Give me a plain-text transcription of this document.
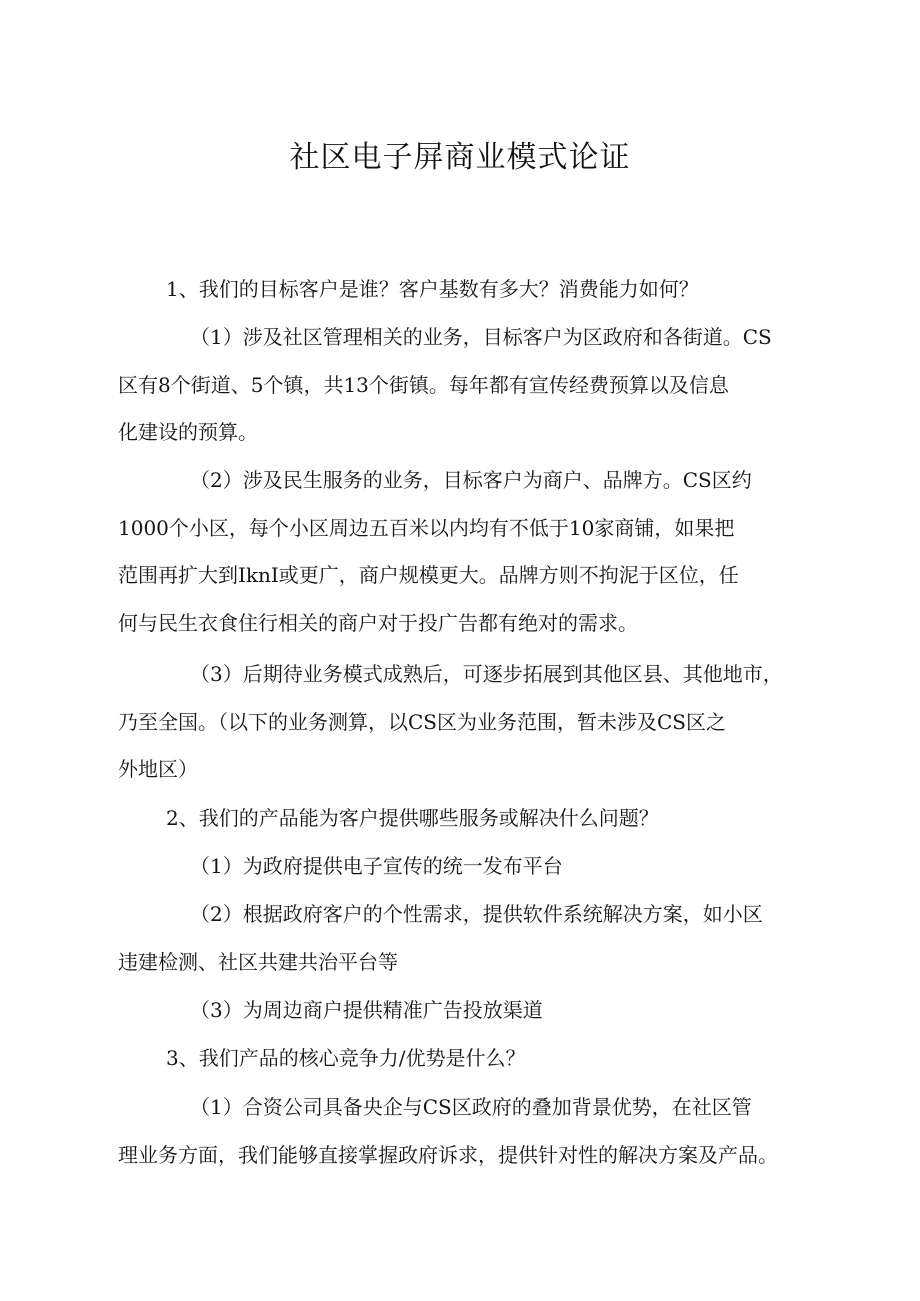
社区电子屏商业模式论证
1、我们的目标客户是谁？客户基数有多大？消费能力如何？
（1）涉及社区管理相关的业务，目标客户为区政府和各街道。CS
区有8个街道、5个镇，共13个街镇。每年都有宣传经费预算以及信息
化建设的预算。
（2）涉及民生服务的业务，目标客户为商户、品牌方。CS区约
1000个小区，每个小区周边五百米以内均有不低于10家商铺，如果把
范围再扩大到IknI或更广，商户规模更大。品牌方则不拘泥于区位，任
何与民生衣食住行相关的商户对于投广告都有绝对的需求。
（3）后期待业务模式成熟后，可逐步拓展到其他区县、其他地市，
乃至全国。（以下的业务测算，以CS区为业务范围，暂未涉及CS区之
外地区）
2、我们的产品能为客户提供哪些服务或解决什么问题？
（1）为政府提供电子宣传的统一发布平台
（2）根据政府客户的个性需求，提供软件系统解决方案，如小区
违建检测、社区共建共治平台等
（3）为周边商户提供精准广告投放渠道
3、我们产品的核心竞争力/优势是什么？
（1）合资公司具备央企与CS区政府的叠加背景优势，在社区管
理业务方面，我们能够直接掌握政府诉求，提供针对性的解决方案及产品。
